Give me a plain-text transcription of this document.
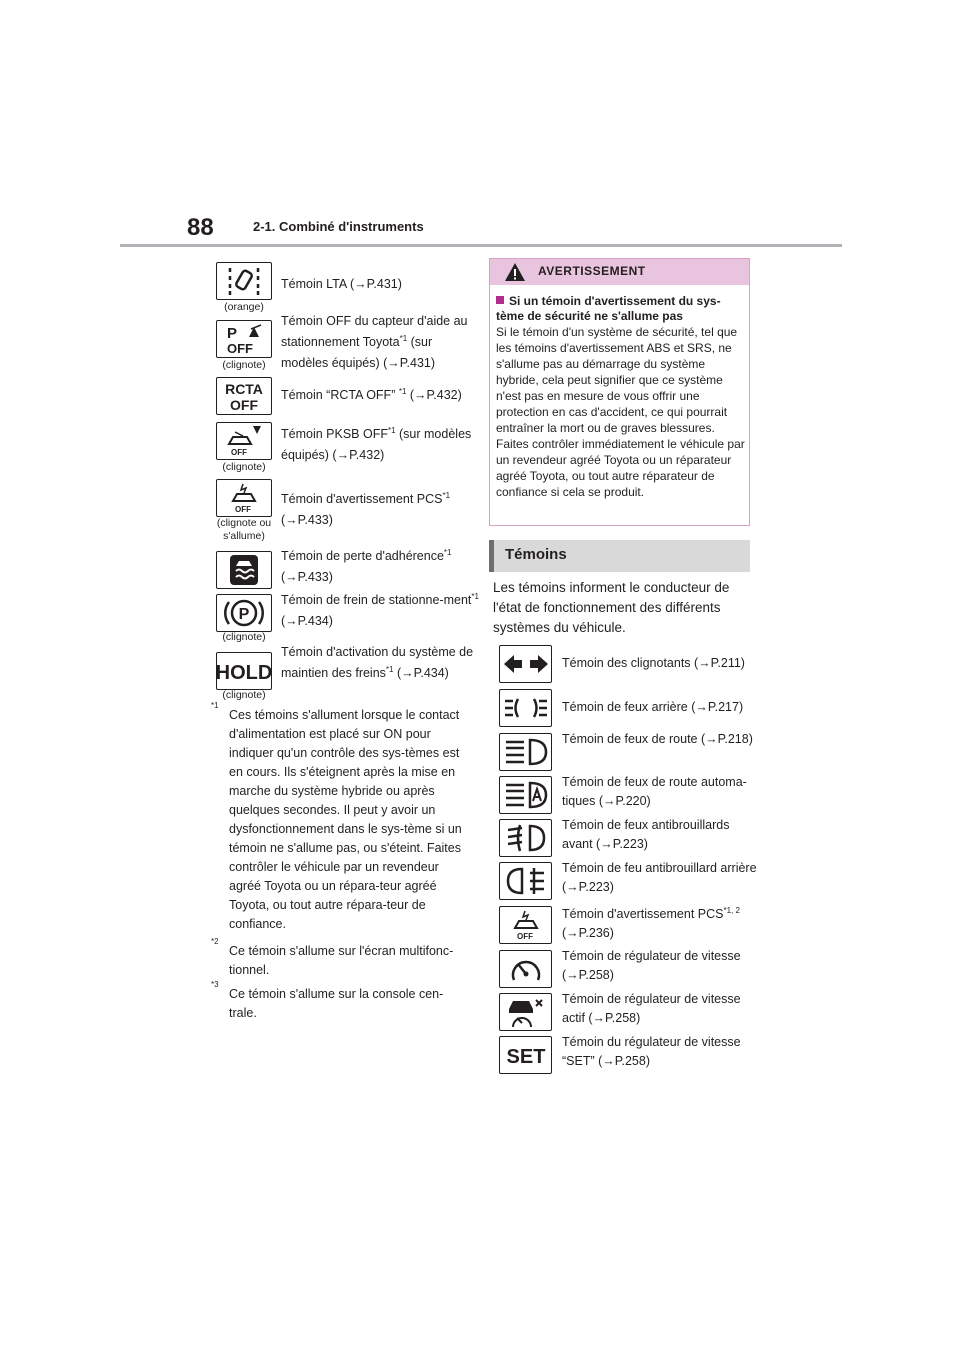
88	2-1. Combiné d'instruments
(orange)
Témoin LTA (→P.431)
P
OFF
(clignote)
Témoin OFF du capteur d'aide au stationnement Toyota$^{*1}$ (sur modèles équipés) (→P.431)
RCTA
OFF
Témoin “RCTA OFF” $^{*1}$ (→P.432)
OFF
(clignote)
Témoin PKSB OFF$^{*1}$ (sur modèles équipés) (→P.432)
OFF
(clignote ou s'allume)
Témoin d'avertissement PCS$^{*1}$ (→P.433)
Témoin de perte d'adhérence$^{*1}$ (→P.433)
P
(clignote)
Témoin de frein de stationne-ment$^{*1}$ (→P.434)
HOLD
(clignote)
Témoin d'activation du système de maintien des freins$^{*1}$ (→P.434)
*1
Ces témoins s'allument lorsque le contact d'alimentation est placé sur ON pour indiquer qu'un contrôle des sys-tèmes est en cours. Ils s'éteignent après la mise en marche du système hybride ou après quelques secondes. Il peut y avoir un dysfonctionnement dans le sys-tème si un témoin ne s'allume pas, ou s'éteint. Faites contrôler le véhicule par un revendeur agréé Toyota ou un répara-teur agréé Toyota, ou tout autre répara-teur de confiance.
*2
Ce témoin s'allume sur l'écran multifonc-tionnel.
*3
Ce témoin s'allume sur la console cen-trale.
AVERTISSEMENT
Si un témoin d'avertissement du sys-tème de sécurité ne s'allume pas
Si le témoin d'un système de sécurité, tel que les témoins d'avertissement ABS et SRS, ne s'allume pas au démarrage du système hybride, cela peut signifier que ce système n'est pas en mesure de vous offrir une protection en cas d'accident, ce qui pourrait entraîner la mort ou de graves blessures. Faites contrôler immédiatement le véhicule par un revendeur agréé Toyota ou un réparateur agréé Toyota, ou tout autre réparateur de confiance si cela se produit.
Témoins
Les témoins informent le conducteur de l'état de fonctionnement des différents systèmes du véhicule.
Témoin des clignotants (→P.211)
Témoin de feux arrière (→P.217)
Témoin de feux de route (→P.218)
Témoin de feux de route automa-tiques (→P.220)
Témoin de feux antibrouillards avant (→P.223)
Témoin de feu antibrouillard arrière (→P.223)
OFF
Témoin d'avertissement PCS$^{*1, 2}$ (→P.236)
Témoin de régulateur de vitesse (→P.258)
Témoin de régulateur de vitesse actif (→P.258)
SET
Témoin du régulateur de vitesse “SET” (→P.258)
